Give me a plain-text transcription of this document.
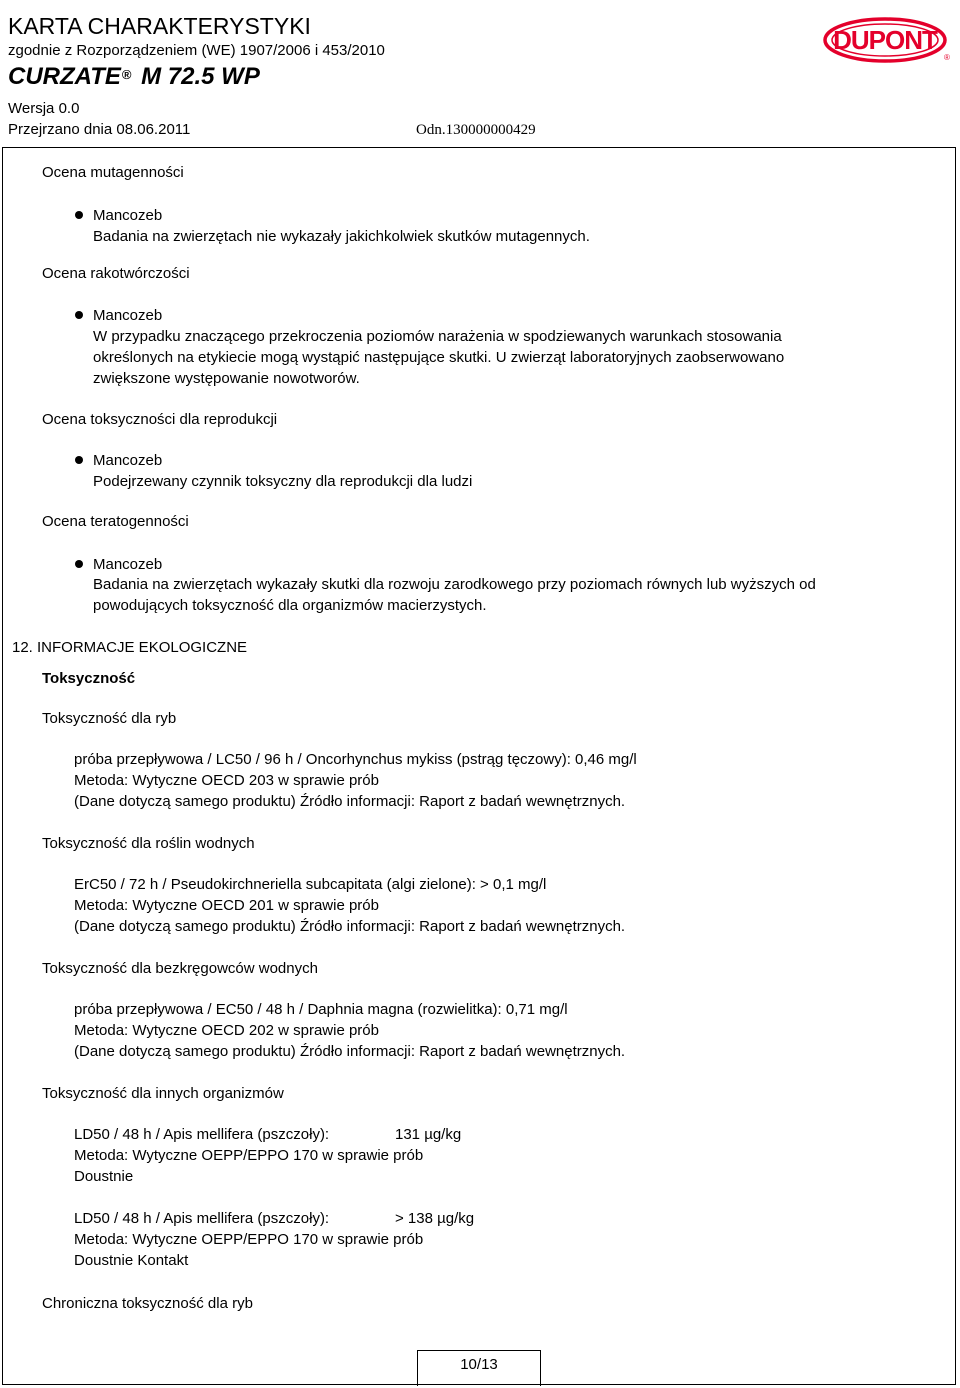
KARTA CHARAKTERYSTYKI
zgodnie z Rozporządzeniem (WE) 1907/2006 i 453/2010
CURZATE® M 72.5 WP
Wersja 0.0
Przejrzano dnia 08.06.2011	Odn.130000000429
DUPONT
®
Ocena mutagenności
Mancozeb
Badania na zwierzętach nie wykazały jakichkolwiek skutków mutagennych.
Ocena rakotwórczości
Mancozeb
W przypadku znaczącego przekroczenia poziomów narażenia w spodziewanych warunkach stosowania
określonych na etykiecie mogą wystąpić następujące skutki. U zwierząt laboratoryjnych zaobserwowano
zwiększone występowanie nowotworów.
Ocena toksyczności dla reprodukcji
Mancozeb
Podejrzewany czynnik toksyczny dla reprodukcji dla ludzi
Ocena teratogenności
Mancozeb
Badania na zwierzętach wykazały skutki dla rozwoju zarodkowego przy poziomach równych lub wyższych od
powodujących toksyczność dla organizmów macierzystych.
12. INFORMACJE EKOLOGICZNE
Toksyczność
Toksyczność dla ryb
próba przepływowa / LC50 / 96 h / Oncorhynchus mykiss (pstrąg tęczowy): 0,46 mg/l
Metoda: Wytyczne OECD 203 w sprawie prób
(Dane dotyczą samego produktu) Źródło informacji: Raport z badań wewnętrznych.
Toksyczność dla roślin wodnych
ErC50 / 72 h / Pseudokirchneriella subcapitata (algi zielone): > 0,1 mg/l
Metoda: Wytyczne OECD 201 w sprawie prób
(Dane dotyczą samego produktu) Źródło informacji: Raport z badań wewnętrznych.
Toksyczność dla bezkręgowców wodnych
próba przepływowa / EC50 / 48 h / Daphnia magna (rozwielitka): 0,71 mg/l
Metoda: Wytyczne OECD 202 w sprawie prób
(Dane dotyczą samego produktu) Źródło informacji: Raport z badań wewnętrznych.
Toksyczność dla innych organizmów
LD50 / 48 h / Apis mellifera (pszczoły):	131 µg/kg
Metoda: Wytyczne OEPP/EPPO 170 w sprawie prób
Doustnie
LD50 / 48 h / Apis mellifera (pszczoły):	> 138 µg/kg
Metoda: Wytyczne OEPP/EPPO 170 w sprawie prób
Doustnie Kontakt
Chroniczna toksyczność dla ryb
10/13
